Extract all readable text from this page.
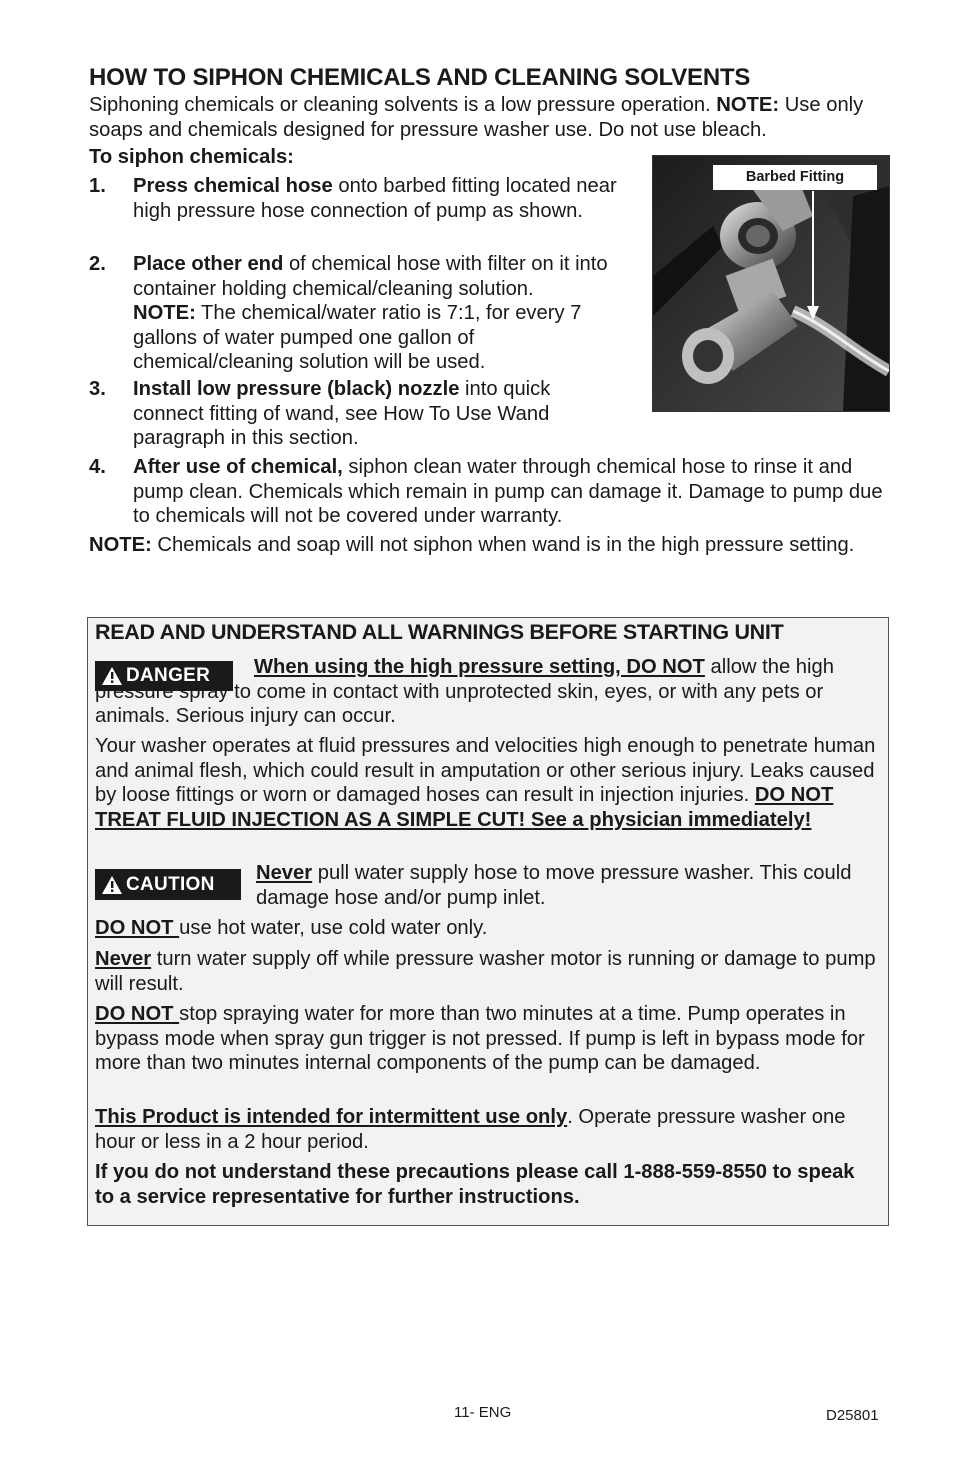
HOW TO SIPHON CHEMICALS AND CLEANING SOLVENTS
Siphoning chemicals or cleaning solvents is a low pressure operation. NOTE: Use only soaps and chemicals designed for pressure washer use. Do not use bleach.
To siphon chemicals:
1.	Press chemical hose onto barbed fitting located near high pressure hose connection of pump as shown.
2.	Place other end of chemical hose with filter on it into container holding chemical/cleaning solution.
NOTE: The chemical/water ratio is 7:1, for every 7 gallons of water pumped one gallon of chemical/cleaning solution will be used.
3.	Install low pressure (black) nozzle into quick connect fitting of wand, see How To Use Wand paragraph in this section.
4.	After use of chemical, siphon clean water through chemical hose to rinse it and pump clean. Chemicals which remain in pump can damage it. Damage to pump due to chemicals will not be covered under warranty.
NOTE: Chemicals and soap will not siphon when wand is in the high pressure setting.
Barbed Fitting
READ AND UNDERSTAND ALL WARNINGS BEFORE STARTING UNIT
DANGER When using the high pressure setting, DO NOT allow the high pressure spray to come in contact with unprotected skin, eyes, or with any pets or animals. Serious injury can occur.
Your washer operates at fluid pressures and velocities high enough to penetrate human and animal flesh, which could result in amputation or other serious injury. Leaks caused by loose fittings or worn or damaged hoses can result in injection injuries. DO NOT TREAT FLUID INJECTION AS A SIMPLE CUT! See a physician immediately!
CAUTION Never pull water supply hose to move pressure washer. This could damage hose and/or pump inlet.
DO NOT use hot water, use cold water only.
Never turn water supply off while pressure washer motor is running or damage to pump will result.
DO NOT stop spraying water for more than two minutes at a time. Pump operates in bypass mode when spray gun trigger is not pressed. If pump is left in bypass mode for more than two minutes internal components of the pump can be damaged.
This Product is intended for intermittent use only. Operate pressure washer one hour or less in a 2 hour period.
If you do not understand these precautions please call 1-888-559-8550 to speak to a service representative for further instructions.
11- ENG	D25801
